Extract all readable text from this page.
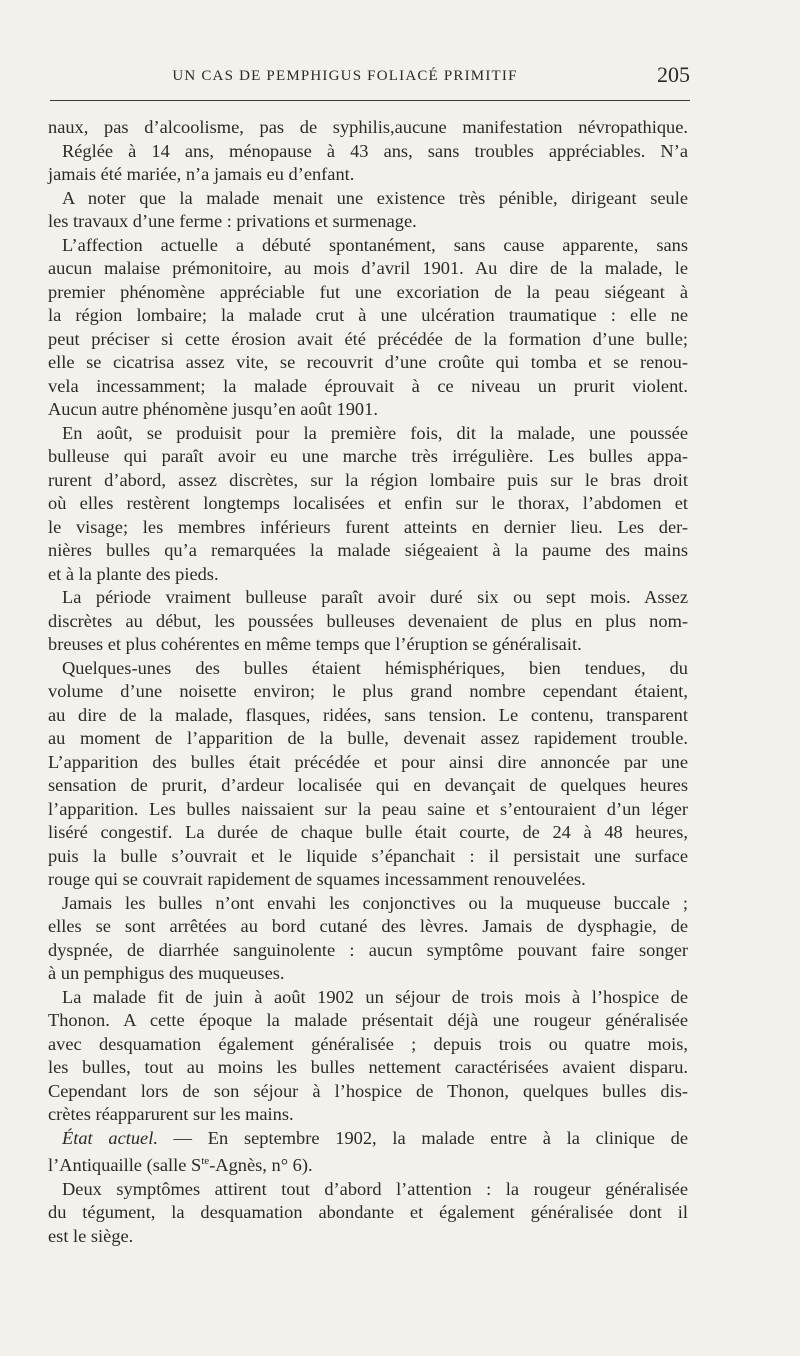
UN CAS DE PEMPHIGUS FOLIACÉ PRIMITIF	205
naux, pas d’alcoolisme, pas de syphilis,aucune manifestation névropathique.
Réglée à 14 ans, ménopause à 43 ans, sans troubles appréciables. N’a
jamais été mariée, n’a jamais eu d’enfant.
A noter que la malade menait une existence très pénible, dirigeant seule
les travaux d’une ferme : privations et surmenage.
L’affection actuelle a débuté spontanément, sans cause apparente, sans
aucun malaise prémonitoire, au mois d’avril 1901. Au dire de la malade, le
premier phénomène appréciable fut une excoriation de la peau siégeant à
la région lombaire; la malade crut à une ulcération traumatique : elle ne
peut préciser si cette érosion avait été précédée de la formation d’une bulle;
elle se cicatrisa assez vite, se recouvrit d’une croûte qui tomba et se renou-
vela incessamment; la malade éprouvait à ce niveau un prurit violent.
Aucun autre phénomène jusqu’en août 1901.
En août, se produisit pour la première fois, dit la malade, une poussée
bulleuse qui paraît avoir eu une marche très irrégulière. Les bulles appa-
rurent d’abord, assez discrètes, sur la région lombaire puis sur le bras droit
où elles restèrent longtemps localisées et enfin sur le thorax, l’abdomen et
le visage; les membres inférieurs furent atteints en dernier lieu. Les der-
nières bulles qu’a remarquées la malade siégeaient à la paume des mains
et à la plante des pieds.
La période vraiment bulleuse paraît avoir duré six ou sept mois. Assez
discrètes au début, les poussées bulleuses devenaient de plus en plus nom-
breuses et plus cohérentes en même temps que l’éruption se généralisait.
Quelques-unes des bulles étaient hémisphériques, bien tendues, du
volume d’une noisette environ; le plus grand nombre cependant étaient,
au dire de la malade, flasques, ridées, sans tension. Le contenu, transparent
au moment de l’apparition de la bulle, devenait assez rapidement trouble.
L’apparition des bulles était précédée et pour ainsi dire annoncée par une
sensation de prurit, d’ardeur localisée qui en devançait de quelques heures
l’apparition. Les bulles naissaient sur la peau saine et s’entouraient d’un léger
liséré congestif. La durée de chaque bulle était courte, de 24 à 48 heures,
puis la bulle s’ouvrait et le liquide s’épanchait : il persistait une surface
rouge qui se couvrait rapidement de squames incessamment renouvelées.
Jamais les bulles n’ont envahi les conjonctives ou la muqueuse buccale ;
elles se sont arrêtées au bord cutané des lèvres. Jamais de dysphagie, de
dyspnée, de diarrhée sanguinolente : aucun symptôme pouvant faire songer
à un pemphigus des muqueuses.
La malade fit de juin à août 1902 un séjour de trois mois à l’hospice de
Thonon. A cette époque la malade présentait déjà une rougeur généralisée
avec desquamation également généralisée ; depuis trois ou quatre mois,
les bulles, tout au moins les bulles nettement caractérisées avaient disparu.
Cependant lors de son séjour à l’hospice de Thonon, quelques bulles dis-
crètes réapparurent sur les mains.
État actuel. — En septembre 1902, la malade entre à la clinique de
l’Antiquaille (salle $S^{te}$-Agnès, n° 6).
Deux symptômes attirent tout d’abord l’attention : la rougeur généralisée
du tégument, la desquamation abondante et également généralisée dont il
est le siège.
